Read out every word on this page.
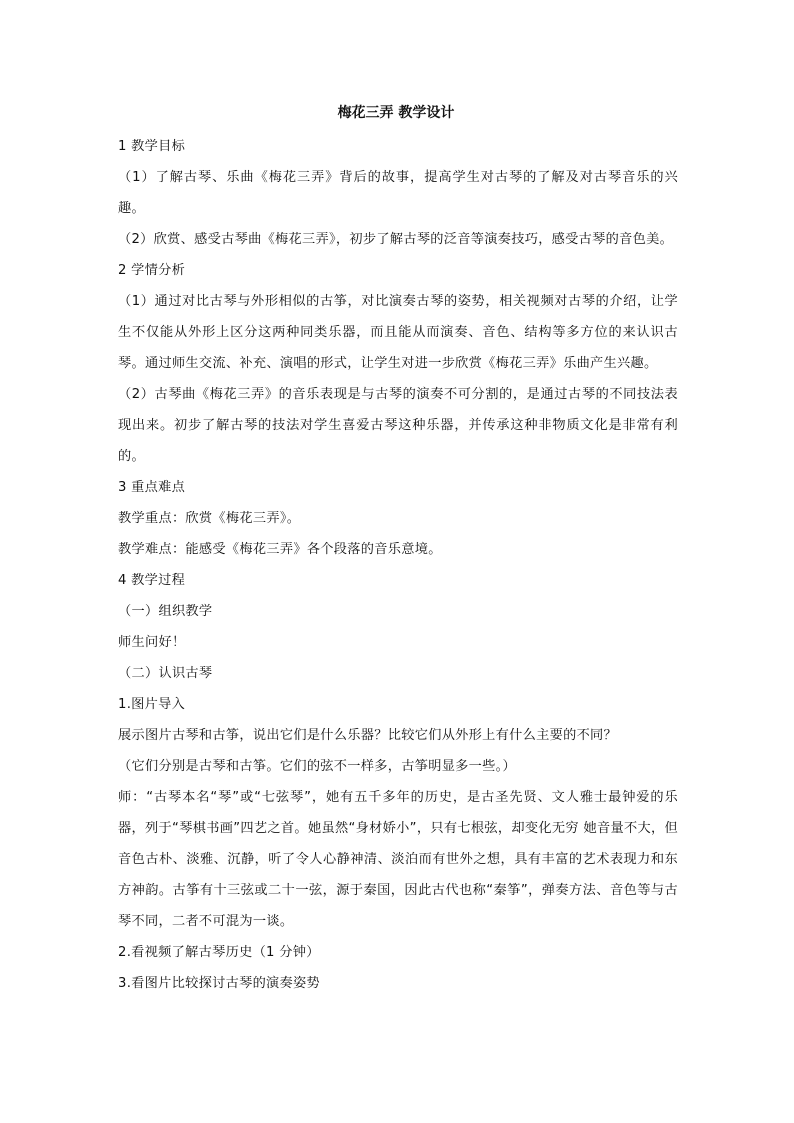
梅花三弄 教学设计
1 教学目标
（1）了解古琴、乐曲《梅花三弄》背后的故事，提高学生对古琴的了解及对古琴音乐的兴趣。
（2）欣赏、感受古琴曲《梅花三弄》，初步了解古琴的泛音等演奏技巧，感受古琴的音色美。
2 学情分析
（1）通过对比古琴与外形相似的古筝，对比演奏古琴的姿势，相关视频对古琴的介绍，让学生不仅能从外形上区分这两种同类乐器，而且能从而演奏、音色、结构等多方位的来认识古琴。通过师生交流、补充、演唱的形式，让学生对进一步欣赏《梅花三弄》乐曲产生兴趣。
（2）古琴曲《梅花三弄》的音乐表现是与古琴的演奏不可分割的，是通过古琴的不同技法表现出来。初步了解古琴的技法对学生喜爱古琴这种乐器，并传承这种非物质文化是非常有利的。
3 重点难点
教学重点：欣赏《梅花三弄》。
教学难点：能感受《梅花三弄》各个段落的音乐意境。
4 教学过程
（一）组织教学
师生问好！
（二）认识古琴
1.图片导入
展示图片古琴和古筝，说出它们是什么乐器？比较它们从外形上有什么主要的不同？
（它们分别是古琴和古筝。它们的弦不一样多，古筝明显多一些。）
师：“古琴本名“琴”或“七弦琴”，她有五千多年的历史，是古圣先贤、文人雅士最钟爱的乐器，列于“琴棋书画”四艺之首。她虽然“身材娇小”，只有七根弦，却变化无穷 她音量不大，但音色古朴、淡雅、沉静，听了令人心静神清、淡泊而有世外之想，具有丰富的艺术表现力和东方神韵。古筝有十三弦或二十一弦，源于秦国，因此古代也称“秦筝”，弹奏方法、音色等与古琴不同，二者不可混为一谈。
2.看视频了解古琴历史（1 分钟）
3.看图片比较探讨古琴的演奏姿势
